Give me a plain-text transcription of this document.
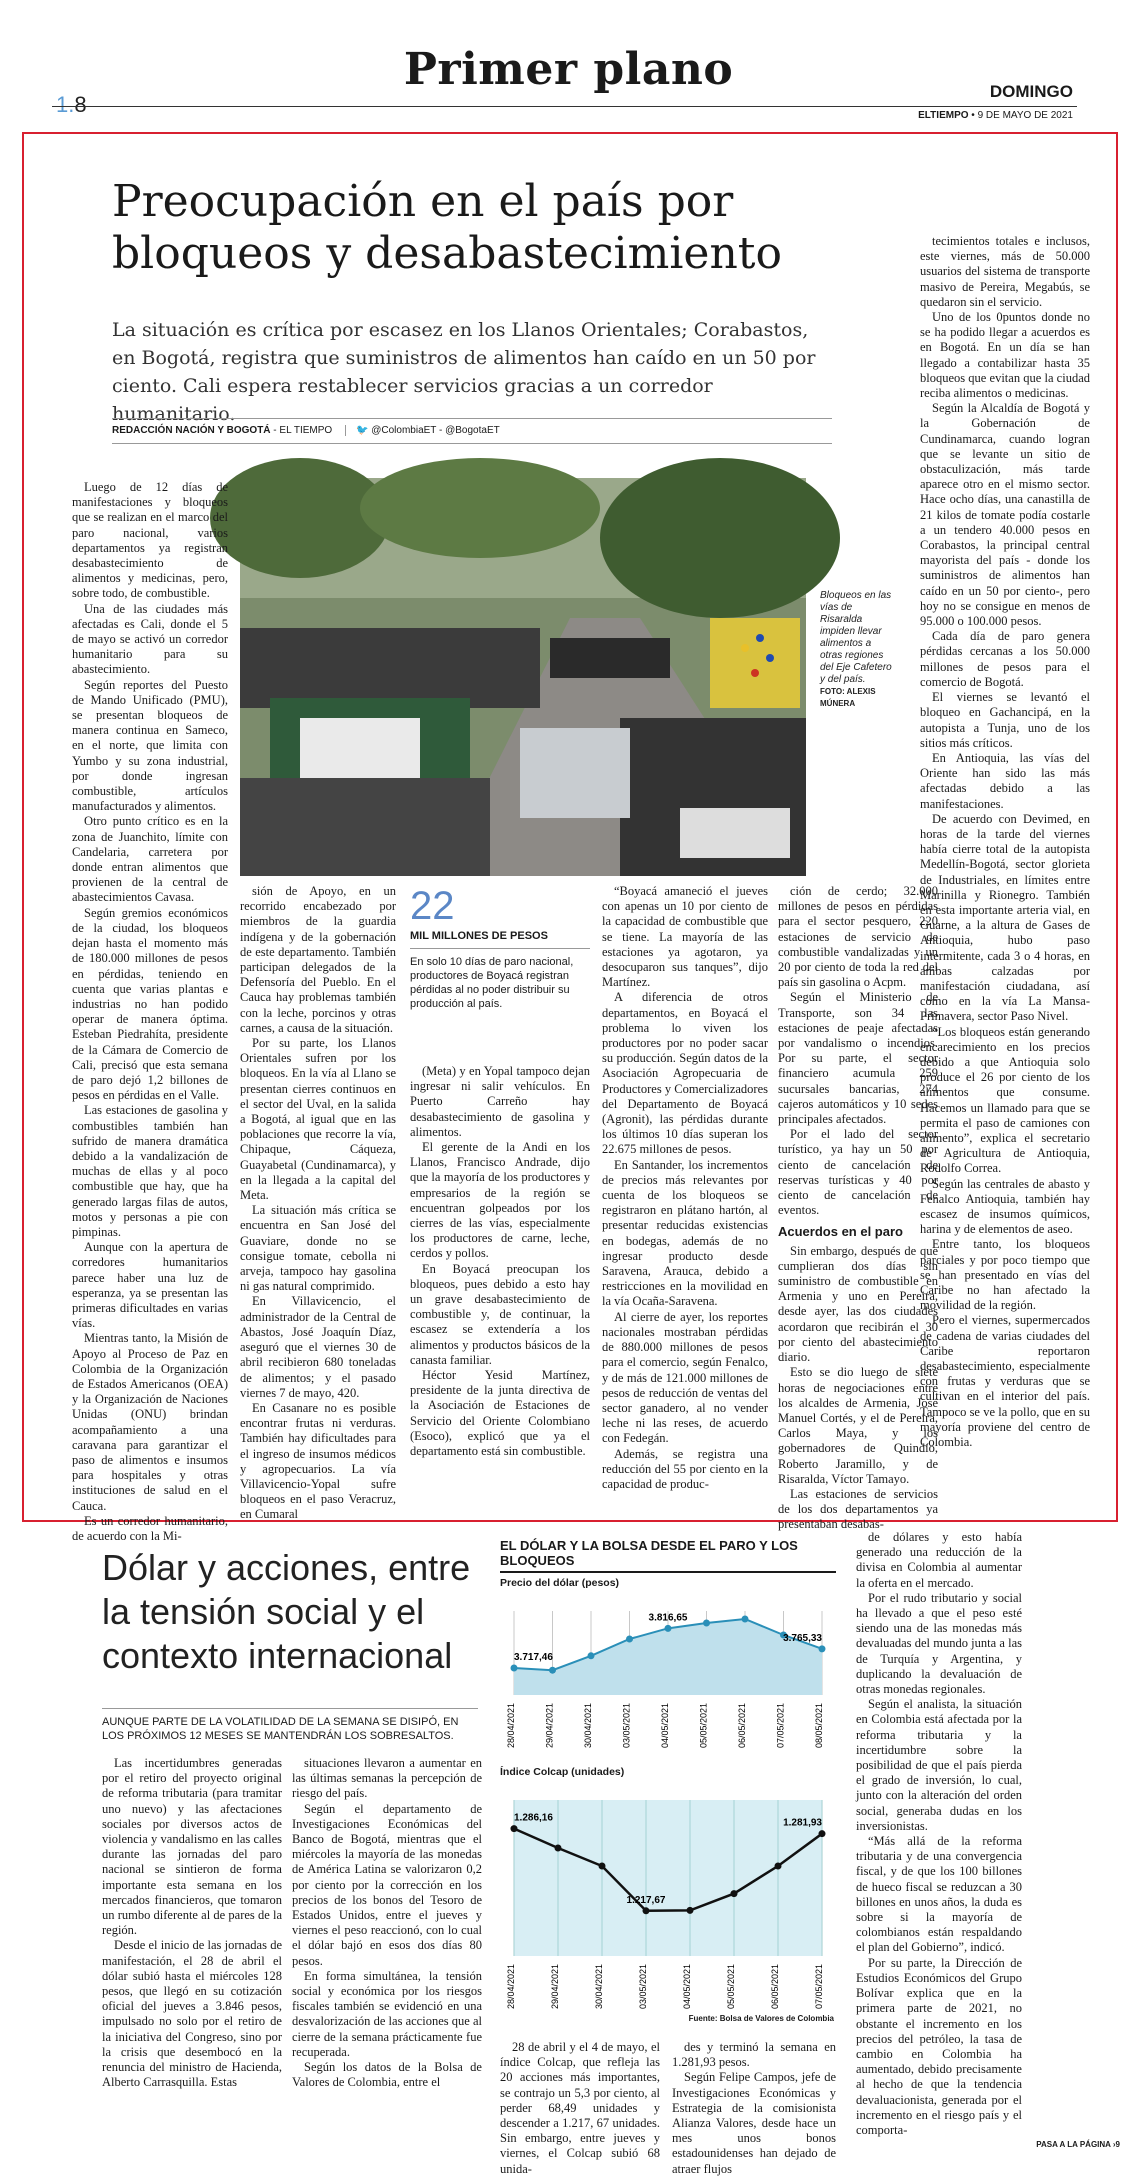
1.8
Primer plano	DOMINGO
ELTIEMPO • 9 DE MAYO DE 2021
Preocupación en el país por bloqueos y desabastecimiento

La situación es crítica por escasez en los Llanos Orientales; Corabastos, en Bogotá, registra que suministros de alimentos han caído en un 50 por ciento. Cali espera restablecer servicios gracias a un corredor humanitario.

REDACCIÓN NACIÓN Y BOGOTÁ - EL TIEMPO 🐦 @ColombiaET - @BogotaET

Bloqueos en las vías de Risaralda impiden llevar alimentos a otras regiones del Eje Cafetero y del país. FOTO: ALEXIS MÚNERA

22
MIL MILLONES DE PESOS
En solo 10 días de paro nacional, productores de Boyacá registran pérdidas al no poder distribuir su producción al país.

Luego de 12 días de manifestaciones y bloqueos que se realizan en el marco del paro nacional, varios departamentos ya registran desabastecimiento de alimentos y medicinas, pero, sobre todo, de combustible.

Una de las ciudades más afectadas es Cali, donde el 5 de mayo se activó un corredor humanitario para su abastecimiento.

Según reportes del Puesto de Mando Unificado (PMU), se presentan bloqueos de manera continua en Sameco, en el norte, que limita con Yumbo y su zona industrial, por donde ingresan combustible, artículos manufacturados y alimentos.

Otro punto crítico es en la zona de Juanchito, límite con Candelaria, carretera por donde entran alimentos que provienen de la central de abastecimientos Cavasa.

Según gremios económicos de la ciudad, los bloqueos dejan hasta el momento más de 180.000 millones de pesos en pérdidas, teniendo en cuenta que varias plantas e industrias no han podido operar de manera óptima. Esteban Piedrahíta, presidente de la Cámara de Comercio de Cali, precisó que esta semana de paro dejó 1,2 billones de pesos en pérdidas en el Valle.

Las estaciones de gasolina y combustibles también han sufrido de manera dramática debido a la vandalización de muchas de ellas y al poco combustible que hay, que ha generado largas filas de autos, motos y personas a pie con pimpinas.

Aunque con la apertura de corredores humanitarios parece haber una luz de esperanza, ya se presentan las primeras dificultades en varias vías.

Mientras tanto, la Misión de Apoyo al Proceso de Paz en Colombia de la Organización de Estados Americanos (OEA) y la Organización de Naciones Unidas (ONU) brindan acompañamiento a una caravana para garantizar el paso de alimentos e insumos para hospitales y otras instituciones de salud en el Cauca.

Es un corredor humanitario, de acuerdo con la Mi-

sión de Apoyo, en un recorrido encabezado por miembros de la guardia indígena y de la gobernación de este departamento. También participan delegados de la Defensoría del Pueblo. En el Cauca hay problemas también con la leche, porcinos y otras carnes, a causa de la situación.

Por su parte, los Llanos Orientales sufren por los bloqueos. En la vía al Llano se presentan cierres continuos en el sector del Uval, en la salida a Bogotá, al igual que en las poblaciones que recorre la vía, Chipaque, Cáqueza, Guayabetal (Cundinamarca), y en la llegada a la capital del Meta.

La situación más crítica se encuentra en San José del Guaviare, donde no se consigue tomate, cebolla ni arveja, tampoco hay gasolina ni gas natural comprimido.

En Villavicencio, el administrador de la Central de Abastos, José Joaquín Díaz, aseguró que el viernes 30 de abril recibieron 680 toneladas de alimentos; y el pasado viernes 7 de mayo, 420.

En Casanare no es posible encontrar frutas ni verduras. También hay dificultades para el ingreso de insumos médicos y agropecuarios. La vía Villavicencio-Yopal sufre bloqueos en el paso Veracruz, en Cumaral

(Meta) y en Yopal tampoco dejan ingresar ni salir vehículos. En Puerto Carreño hay desabastecimiento de gasolina y alimentos.

El gerente de la Andi en los Llanos, Francisco Andrade, dijo que la mayoría de los productores y empresarios de la región se encuentran golpeados por los cierres de las vías, especialmente los productores de carne, leche, cerdos y pollos.

En Boyacá preocupan los bloqueos, pues debido a esto hay un grave desabastecimiento de combustible y, de continuar, la escasez se extendería a los alimentos y productos básicos de la canasta familiar.

Héctor Yesid Martínez, presidente de la junta directiva de la Asociación de Estaciones de Servicio del Oriente Colombiano (Esoco), explicó que ya el departamento está sin combustible.

“Boyacá amaneció el jueves con apenas un 10 por ciento de la capacidad de combustible que se tiene. La mayoría de las estaciones ya agotaron, ya desocuparon sus tanques”, dijo Martínez.

A diferencia de otros departamentos, en Boyacá el problema lo viven los productores por no poder sacar su producción. Según datos de la Asociación Agropecuaria de Productores y Comercializadores del Departamento de Boyacá (Agronit), las pérdidas durante los últimos 10 días superan los 22.675 millones de pesos.

En Santander, los incrementos de precios más relevantes por cuenta de los bloqueos se registraron en plátano hartón, al presentar reducidas existencias en bodegas, además de no ingresar producto desde Saravena, Arauca, debido a restricciones en la movilidad en la vía Ocaña-Saravena.

Al cierre de ayer, los reportes nacionales mostraban pérdidas de 880.000 millones de pesos para el comercio, según Fenalco, y de más de 121.000 millones de pesos de reducción de ventas del sector ganadero, al no vender leche ni las reses, de acuerdo con Fedegán.

Además, se registra una reducción del 55 por ciento en la capacidad de produc-

ción de cerdo; 32.000 millones de pesos en pérdidas para el sector pesquero, 220 estaciones de servicio de combustible vandalizadas y un 20 por ciento de toda la red del país sin gasolina o Acpm.

Según el Ministerio de Transporte, son 34 las estaciones de peaje afectadas por vandalismo o incendios. Por su parte, el sector financiero acumula 259 sucursales bancarias, 274 cajeros automáticos y 10 sedes principales afectados.

Por el lado del sector turístico, ya hay un 50 por ciento de cancelación de reservas turísticas y 40 por ciento de cancelación de eventos.

Acuerdos en el paro

Sin embargo, después de que cumplieran dos días sin suministro de combustible en Armenia y uno en Pereira, desde ayer, las dos ciudades acordaron que recibirán el 30 por ciento del abastecimiento diario.

Esto se dio luego de siete horas de negociaciones entre los alcaldes de Armenia, José Manuel Cortés, y el de Pereira, Carlos Maya, y los gobernadores de Quindío, Roberto Jaramillo, y de Risaralda, Víctor Tamayo.

Las estaciones de servicios de los dos departamentos ya presentaban desabas-

tecimientos totales e inclusos, este viernes, más de 50.000 usuarios del sistema de transporte masivo de Pereira, Megabús, se quedaron sin el servicio.

Uno de los 0puntos donde no se ha podido llegar a acuerdos es en Bogotá. En un día se han llegado a contabilizar hasta 35 bloqueos que evitan que la ciudad reciba alimentos o medicinas.

Según la Alcaldía de Bogotá y la Gobernación de Cundinamarca, cuando logran que se levante un sitio de obstaculización, más tarde aparece otro en el mismo sector. Hace ocho días, una canastilla de 21 kilos de tomate podía costarle a un tendero 40.000 pesos en Corabastos, la principal central mayorista del país - donde los suministros de alimentos han caído en un 50 por ciento-, pero hoy no se consigue en menos de 95.000 o 100.000 pesos.

Cada día de paro genera pérdidas cercanas a los 50.000 millones de pesos para el comercio de Bogotá.

El viernes se levantó el bloqueo en Gachancipá, en la autopista a Tunja, uno de los sitios más críticos.

En Antioquia, las vías del Oriente han sido las más afectadas debido a las manifestaciones.

De acuerdo con Devimed, en horas de la tarde del viernes había cierre total de la autopista Medellín-Bogotá, sector glorieta de Industriales, en límites entre Marinilla y Rionegro. También en esta importante arteria vial, en Guarne, a la altura de Gases de Antioquia, hubo paso intermitente, cada 3 o 4 horas, en ambas calzadas por manifestación ciudadana, así como en la vía La Mansa-Primavera, sector Paso Nivel.

“Los bloqueos están generando encarecimiento en los precios debido a que Antioquia solo produce el 26 por ciento de los alimentos que consume. Hacemos un llamado para que se permita el paso de camiones con alimento”, explica el secretario de Agricultura de Antioquia, Rodolfo Correa.

Según las centrales de abasto y Fenalco Antioquia, también hay escasez de insumos químicos, harina y de elementos de aseo.

Entre tanto, los bloqueos parciales y por poco tiempo que se han presentado en vías del Caribe no han afectado la movilidad de la región.

Pero el viernes, supermercados de cadena de varias ciudades del Caribe reportaron desabastecimiento, especialmente con frutas y verduras que se cultivan en el interior del país. Tampoco se ve la pollo, que en su mayoría proviene del centro de Colombia.

Dólar y acciones, entre la tensión social y el contexto internacional

AUNQUE PARTE DE LA VOLATILIDAD DE LA SEMANA SE DISIPÓ, EN LOS PRÓXIMOS 12 MESES SE MANTENDRÁN LOS SOBRESALTOS.

Las incertidumbres generadas por el retiro del proyecto original de reforma tributaria (para tramitar uno nuevo) y las afectaciones sociales por diversos actos de violencia y vandalismo en las calles durante las jornadas del paro nacional se sintieron de forma importante esta semana en los mercados financieros, que tomaron un rumbo diferente al de pares de la región.

Desde el inicio de las jornadas de manifestación, el 28 de abril el dólar subió hasta el miércoles 128 pesos, que llegó en su cotización oficial del jueves a 3.846 pesos, impulsado no solo por el retiro de la iniciativa del Congreso, sino por la crisis que desembocó en la renuncia del ministro de Hacienda, Alberto Carrasquilla. Estas

situaciones llevaron a aumentar en las últimas semanas la percepción de riesgo del país.

Según el departamento de Investigaciones Económicas del Banco de Bogotá, mientras que el miércoles la mayoría de las monedas de América Latina se valorizaron 0,2 por ciento por la corrección en los precios de los bonos del Tesoro de Estados Unidos, entre el jueves y viernes el peso reaccionó, con lo cual el dólar bajó en esos dos días 80 pesos.

En forma simultánea, la tensión social y económica por los riesgos fiscales también se evidenció en una desvalorización de las acciones que al cierre de la semana prácticamente fue recuperada.

Según los datos de la Bolsa de Valores de Colombia, entre el

28 de abril y el 4 de mayo, el índice Colcap, que refleja las 20 acciones más importantes, se contrajo un 5,3 por ciento, al perder 68,49 unidades y descender a 1.217, 67 unidades. Sin embargo, entre jueves y viernes, el Colcap subió 68 unida-

des y terminó la semana en 1.281,93 pesos.

Según Felipe Campos, jefe de Investigaciones Económicas y Estrategia de la comisionista Alianza Valores, desde hace un mes unos bonos estadounidenses han dejado de atraer flujos

de dólares y esto había generado una reducción de la divisa en Colombia al aumentar la oferta en el mercado.

Por el rudo tributario y social ha llevado a que el peso esté siendo una de las monedas más devaluadas del mundo junta a las de Turquía y Argentina, y duplicando la devaluación de otras monedas regionales.

Según el analista, la situación en Colombia está afectada por la reforma tributaria y la incertidumbre sobre la posibilidad de que el país pierda el grado de inversión, lo cual, junto con la alteración del orden social, generaba dudas en los inversionistas.

“Más allá de la reforma tributaria y de una convergencia fiscal, y de que los 100 billones de hueco fiscal se reduzcan a 30 billones en unos años, la duda es sobre si la mayoría de colombianos están respaldando el plan del Gobierno”, indicó.

Por su parte, la Dirección de Estudios Económicos del Grupo Bolívar explica que en la primera parte de 2021, no obstante el incremento en los precios del petróleo, la tasa de cambio en Colombia ha aumentado, debido precisamente al hecho de que la tendencia devaluacionista, generada por el incremento en el riesgo país y el comporta-

EL DÓLAR Y LA BOLSA DESDE EL PARO Y LOS BLOQUEOS
Precio del dólar (pesos)
28/04/2021	29/04/2021	30/04/2021	03/05/2021	04/05/2021	05/05/2021	06/05/2021	07/05/2021	08/05/2021
3.717,46
3.816,65
3.765,33
Índice Colcap (unidades)
28/04/2021	29/04/2021	30/04/2021	03/05/2021	04/05/2021	05/05/2021	06/05/2021	07/05/2021
1.286,16
1.217,67
1.281,93
Fuente: Bolsa de Valores de Colombia
PASA A LA PÁGINA ›9
